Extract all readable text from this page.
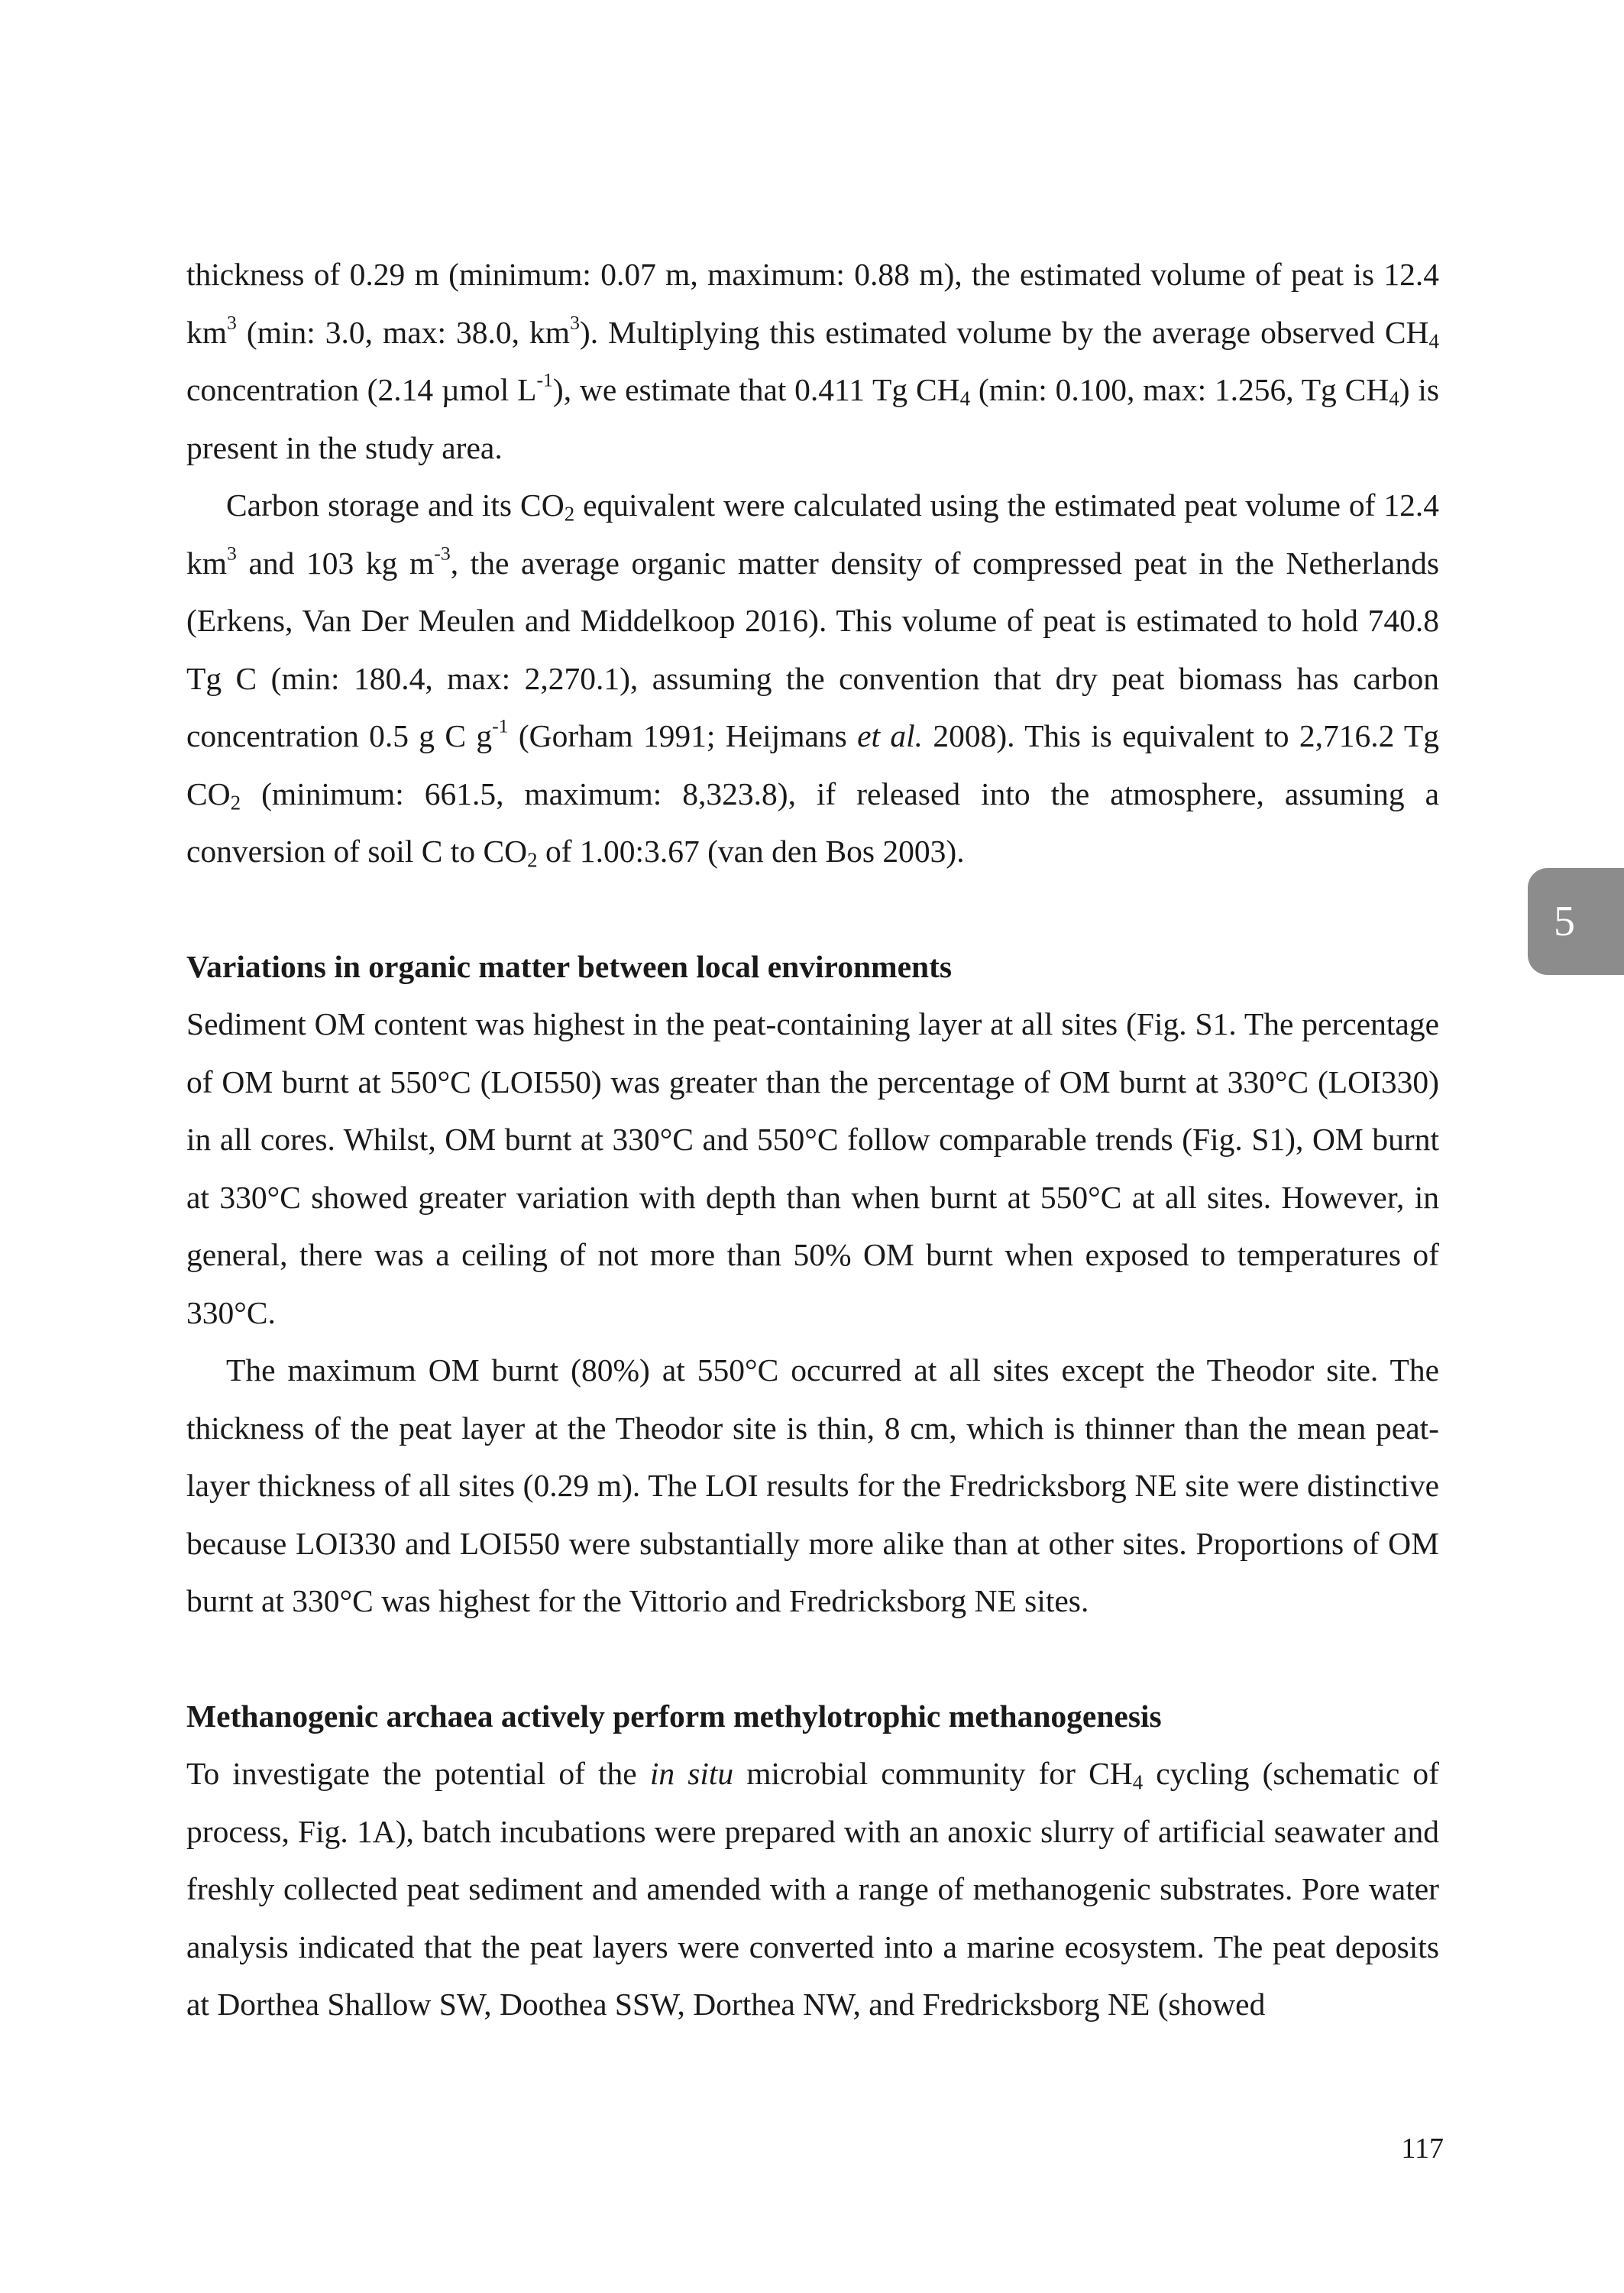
thickness of 0.29 m (minimum: 0.07 m, maximum: 0.88 m), the estimated volume of peat is 12.4 $km^3$ (min: 3.0, max: 38.0, $km^3$). Multiplying this estimated volume by the average observed $CH_4$ concentration (2.14 µmol $L^{-1}$), we estimate that 0.411 Tg $CH_4$ (min: 0.100, max: 1.256, Tg $CH_4$) is present in the study area.

Carbon storage and its $CO_2$ equivalent were calculated using the estimated peat volume of 12.4 $km^3$ and 103 kg $m^{-3}$, the average organic matter density of compressed peat in the Netherlands (Erkens, Van Der Meulen and Middelkoop 2016). This volume of peat is estimated to hold 740.8 Tg C (min: 180.4, max: 2,270.1), assuming the convention that dry peat biomass has carbon concentration 0.5 g C $g^{-1}$ (Gorham 1991; Heijmans et al. 2008). This is equivalent to 2,716.2 Tg $CO_2$ (minimum: 661.5, maximum: 8,323.8), if released into the atmosphere, assuming a conversion of soil C to $CO_2$ of 1.00:3.67 (van den Bos 2003).

Variations in organic matter between local environments

Sediment OM content was highest in the peat-containing layer at all sites (Fig. S1. The percentage of OM burnt at 550°C (LOI550) was greater than the percentage of OM burnt at 330°C (LOI330) in all cores. Whilst, OM burnt at 330°C and 550°C follow comparable trends (Fig. S1), OM burnt at 330°C showed greater variation with depth than when burnt at 550°C at all sites. However, in general, there was a ceiling of not more than 50% OM burnt when exposed to temperatures of 330°C.

The maximum OM burnt (80%) at 550°C occurred at all sites except the Theodor site. The thickness of the peat layer at the Theodor site is thin, 8 cm, which is thinner than the mean peat-layer thickness of all sites (0.29 m). The LOI results for the Fredricksborg NE site were distinctive because LOI330 and LOI550 were substantially more alike than at other sites. Proportions of OM burnt at 330°C was highest for the Vittorio and Fredricksborg NE sites.

Methanogenic archaea actively perform methylotrophic methanogenesis

To investigate the potential of the in situ microbial community for $CH_4$ cycling (schematic of process, Fig. 1A), batch incubations were prepared with an anoxic slurry of artificial seawater and freshly collected peat sediment and amended with a range of methanogenic substrates. Pore water analysis indicated that the peat layers were converted into a marine ecosystem. The peat deposits at Dorthea Shallow SW, Doothea SSW, Dorthea NW, and Fredricksborg NE (showed

5
117
